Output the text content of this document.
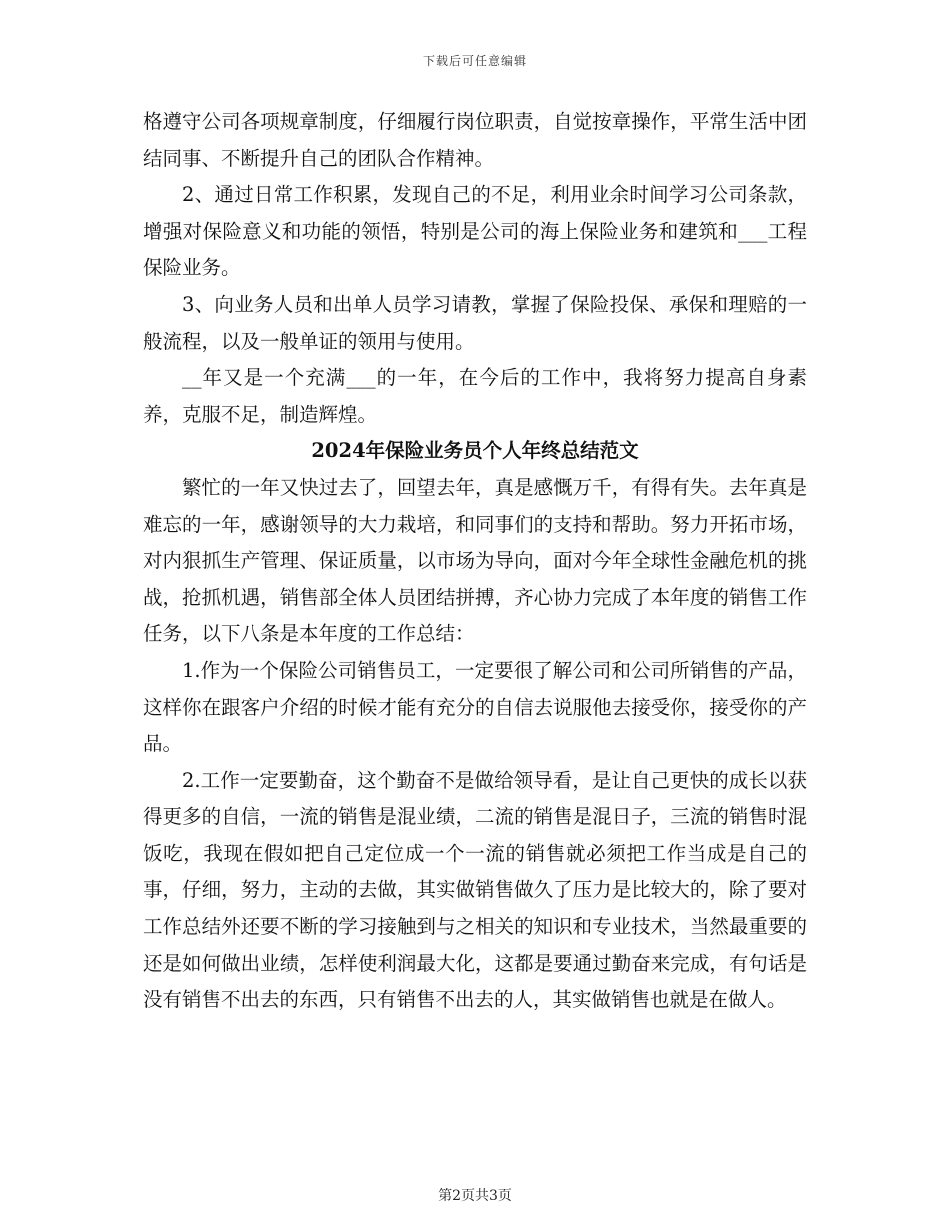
下载后可任意编辑

格遵守公司各项规章制度，仔细履行岗位职责，自觉按章操作，平常生活中团结同事、不断提升自己的团队合作精神。

2、通过日常工作积累，发现自己的不足，利用业余时间学习公司条款，增强对保险意义和功能的领悟，特别是公司的海上保险业务和建筑和___工程保险业务。

3、向业务人员和出单人员学习请教，掌握了保险投保、承保和理赔的一般流程，以及一般单证的领用与使用。

__年又是一个充满___的一年，在今后的工作中，我将努力提高自身素养，克服不足，制造辉煌。

2024年保险业务员个人年终总结范文

繁忙的一年又快过去了，回望去年，真是感慨万千，有得有失。去年真是难忘的一年，感谢领导的大力栽培，和同事们的支持和帮助。努力开拓市场，对内狠抓生产管理、保证质量，以市场为导向，面对今年全球性金融危机的挑战，抢抓机遇，销售部全体人员团结拼搏，齐心协力完成了本年度的销售工作任务，以下八条是本年度的工作总结：

1.作为一个保险公司销售员工，一定要很了解公司和公司所销售的产品，这样你在跟客户介绍的时候才能有充分的自信去说服他去接受你，接受你的产品。

2.工作一定要勤奋，这个勤奋不是做给领导看，是让自己更快的成长以获得更多的自信，一流的销售是混业绩，二流的销售是混日子，三流的销售时混饭吃，我现在假如把自己定位成一个一流的销售就必须把工作当成是自己的事，仔细，努力，主动的去做，其实做销售做久了压力是比较大的，除了要对工作总结外还要不断的学习接触到与之相关的知识和专业技术，当然最重要的还是如何做出业绩，怎样使利润最大化，这都是要通过勤奋来完成，有句话是没有销售不出去的东西，只有销售不出去的人，其实做销售也就是在做人。

第2页共3页
